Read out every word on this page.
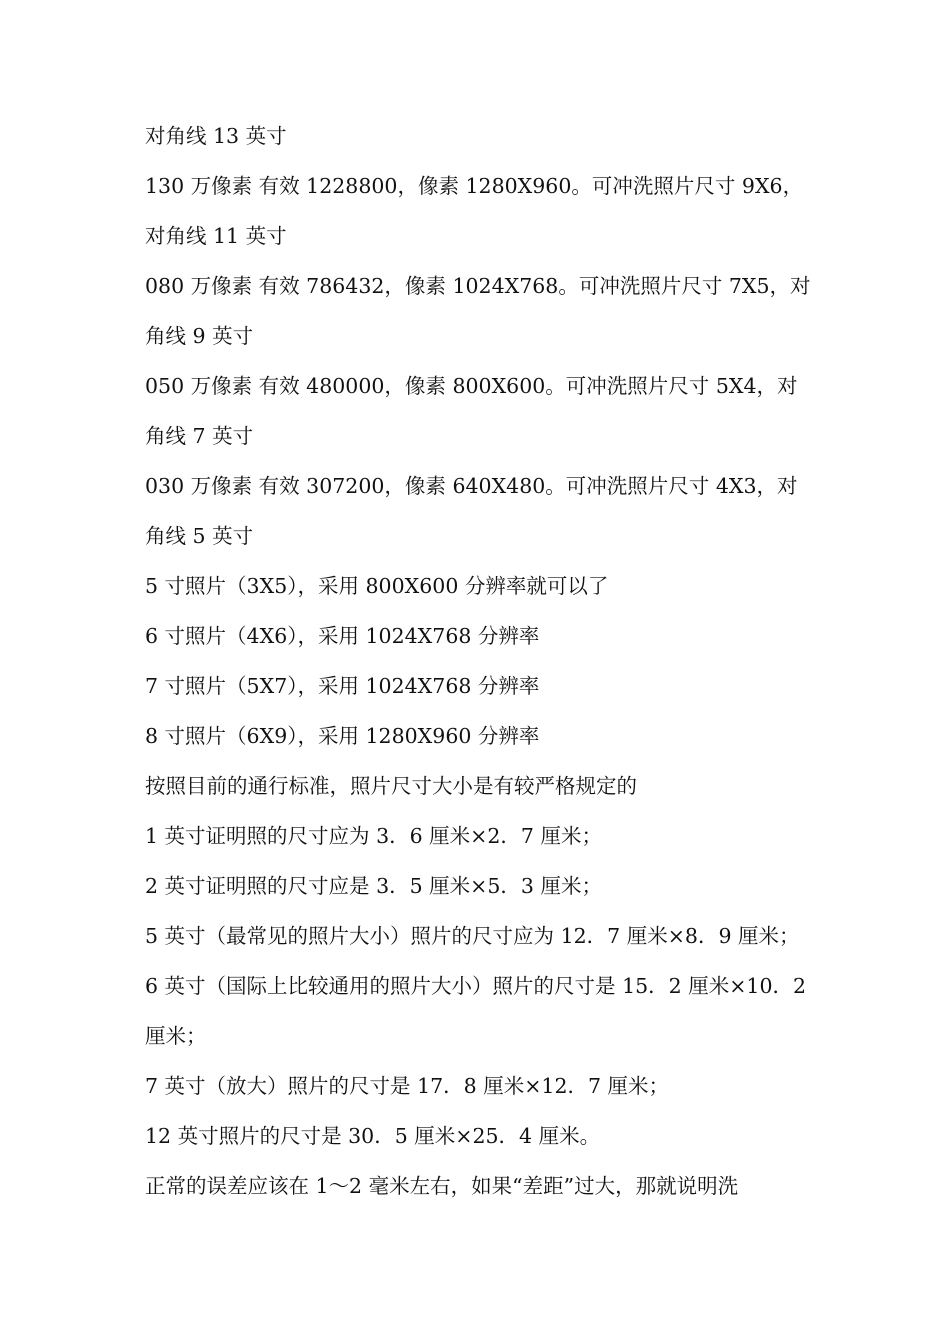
对角线 13 英寸
130 万像素 有效 1228800，像素 1280X960。可冲洗照片尺寸 9X6，
对角线 11 英寸
080 万像素 有效 786432，像素 1024X768。可冲洗照片尺寸 7X5，对
角线 9 英寸
050 万像素 有效 480000，像素 800X600。可冲洗照片尺寸 5X4，对
角线 7 英寸
030 万像素 有效 307200，像素 640X480。可冲洗照片尺寸 4X3，对
角线 5 英寸
5 寸照片（3X5），采用 800X600 分辨率就可以了
6 寸照片（4X6），采用 1024X768 分辨率
7 寸照片（5X7），采用 1024X768 分辨率
8 寸照片（6X9），采用 1280X960 分辨率
按照目前的通行标准，照片尺寸大小是有较严格规定的
1 英寸证明照的尺寸应为 3．6 厘米×2．7 厘米；
2 英寸证明照的尺寸应是 3．5 厘米×5．3 厘米；
5 英寸（最常见的照片大小）照片的尺寸应为 12．7 厘米×8．9 厘米；
6 英寸（国际上比较通用的照片大小）照片的尺寸是 15．2 厘米×10．2
厘米；
7 英寸（放大）照片的尺寸是 17．8 厘米×12．7 厘米；
12 英寸照片的尺寸是 30．5 厘米×25．4 厘米。
正常的误差应该在 1～2 毫米左右，如果“差距”过大，那就说明洗
